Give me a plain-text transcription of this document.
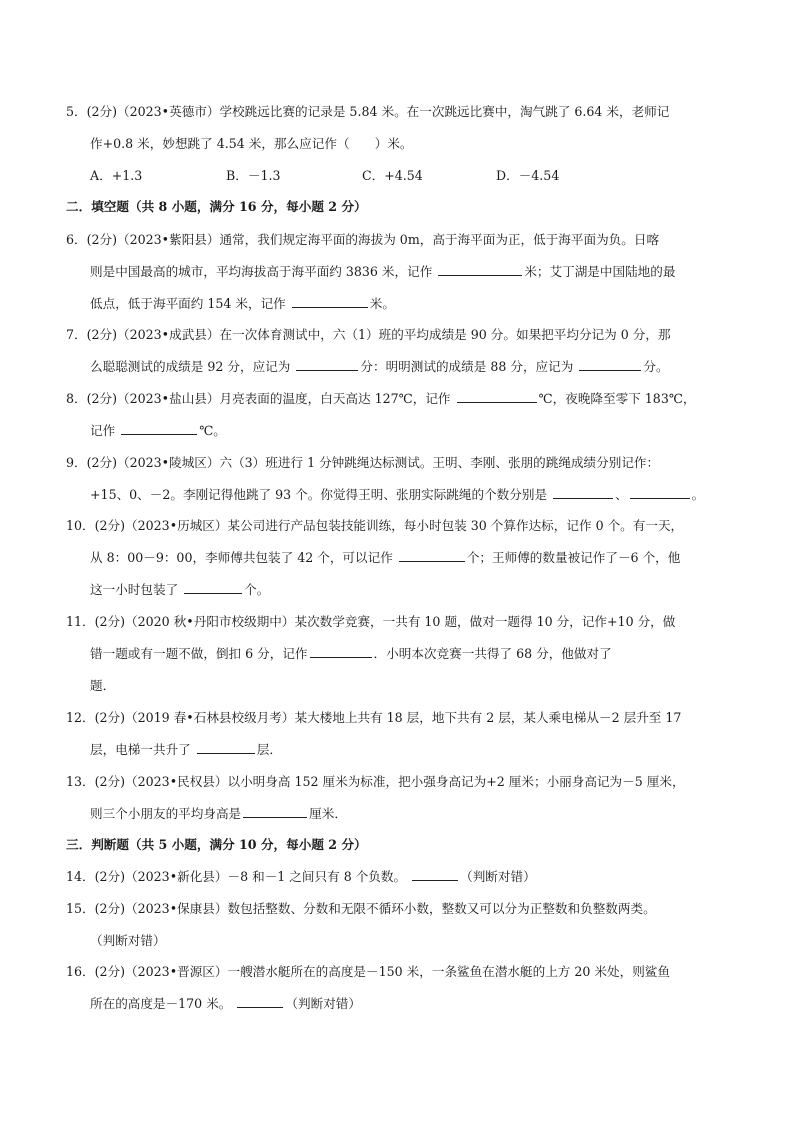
5．(2分)（2023•英德市）学校跳远比赛的记录是 5.84 米。在一次跳远比赛中，淘气跳了 6.64 米，老师记
作+0.8 米，妙想跳了 4.54 米，那么应记作（　　）米。
A．+1.3	B．－1.3	C．+4.54	D．－4.54
二．填空题（共 8 小题，满分 16 分，每小题 2 分）
6．(2分)（2023•紫阳县）通常，我们规定海平面的海拔为 0m，高于海平面为正，低于海平面为负。日喀
则是中国最高的城市，平均海拔高于海平面约 3836 米，记作	米；艾丁湖是中国陆地的最
低点，低于海平面约 154 米，记作	米。
7．(2分)（2023•成武县）在一次体育测试中，六（1）班的平均成绩是 90 分。如果把平均分记为 0 分，那
么聪聪测试的成绩是 92 分，应记为	分：明明测试的成绩是 88 分，应记为	分。
8．(2分)（2023•盐山县）月亮表面的温度，白天高达 127℃，记作	℃，夜晚降至零下 183℃，
记作	℃。
9．(2分)（2023•陵城区）六（3）班进行 1 分钟跳绳达标测试。王明、李刚、张朋的跳绳成绩分别记作：
+15、0、－2。李刚记得他跳了 93 个。你觉得王明、张朋实际跳绳的个数分别是	、	。
10．(2分)（2023•历城区）某公司进行产品包装技能训练，每小时包装 30 个算作达标，记作 0 个。有一天，
从 8：00－9：00，李师傅共包装了 42 个，可以记作	个；王师傅的数量被记作了－6 个，他
这一小时包装了	个。
11．(2分)（2020 秋•丹阳市校级期中）某次数学竞赛，一共有 10 题，做对一题得 10 分，记作+10 分，做
错一题或有一题不做，倒扣 6 分，记作	．小明本次竞赛一共得了 68 分，他做对了
题．
12．(2分)（2019 春•石林县校级月考）某大楼地上共有 18 层，地下共有 2 层，某人乘电梯从－2 层升至 17
层，电梯一共升了	层．
13．(2分)（2023•民权县）以小明身高 152 厘米为标准，把小强身高记为+2 厘米；小丽身高记为－5 厘米，
则三个小朋友的平均身高是	厘米．
三．判断题（共 5 小题，满分 10 分，每小题 2 分）
14．(2分)（2023•新化县）－8 和－1 之间只有 8 个负数。	（判断对错）
15．(2分)（2023•保康县）数包括整数、分数和无限不循环小数，整数又可以分为正整数和负整数两类。
（判断对错）
16．(2分)（2023•晋源区）一艘潜水艇所在的高度是－150 米，一条鲨鱼在潜水艇的上方 20 米处，则鲨鱼
所在的高度是－170 米。	（判断对错）
